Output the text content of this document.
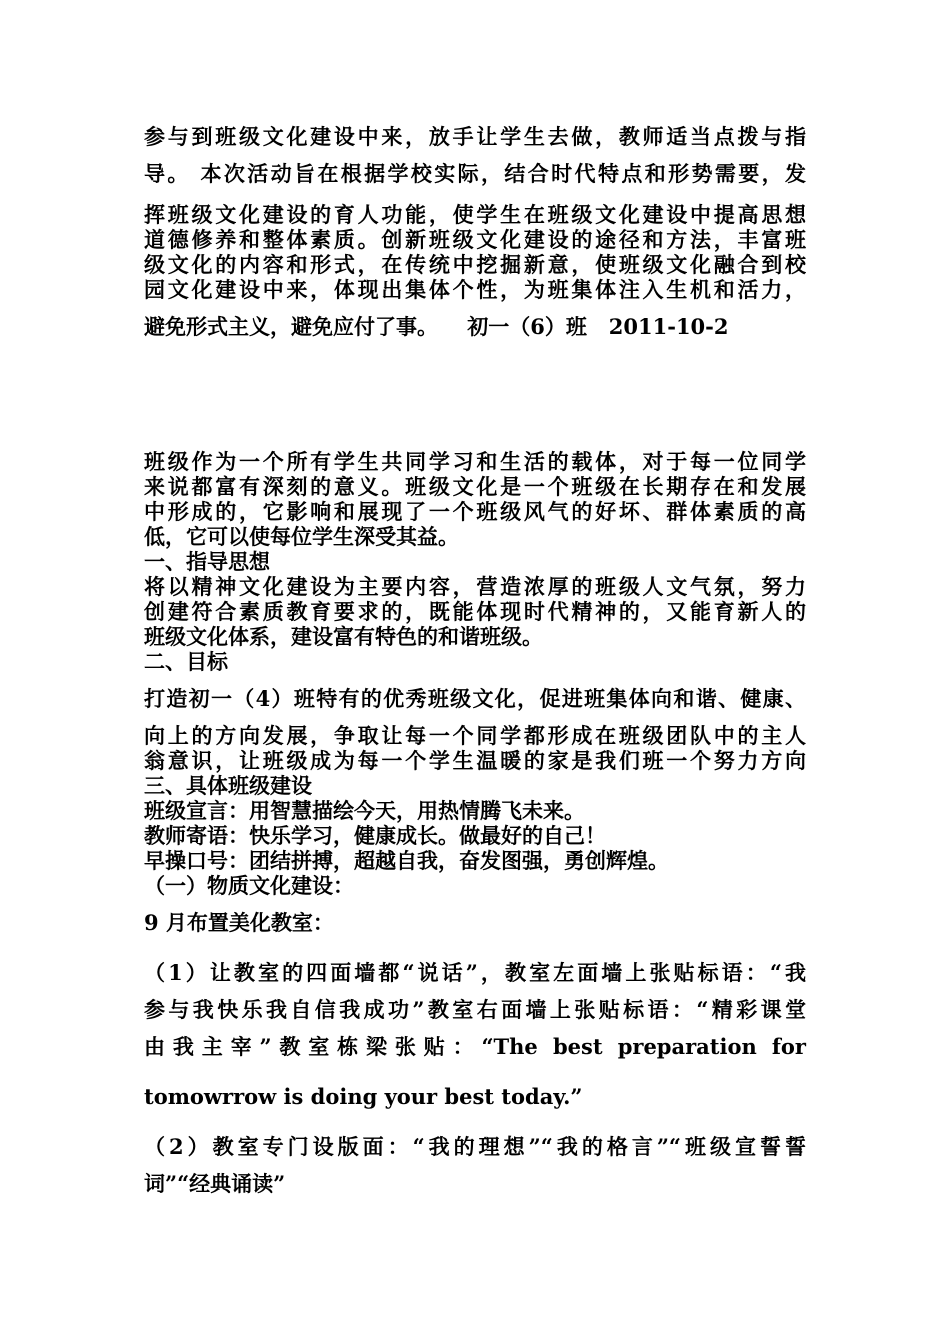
参与到班级文化建设中来，放手让学生去做，教师适当点拨与指
导。 本次活动旨在根据学校实际，结合时代特点和形势需要，发
挥班级文化建设的育人功能，使学生在班级文化建设中提高思想
道德修养和整体素质。创新班级文化建设的途径和方法，丰富班
级文化的内容和形式，在传统中挖掘新意，使班级文化融合到校
园文化建设中来，体现出集体个性，为班集体注入生机和活力，
避免形式主义，避免应付了事。    初一（6）班   2011-10-2
班级作为一个所有学生共同学习和生活的载体，对于每一位同学
来说都富有深刻的意义。班级文化是一个班级在长期存在和发展
中形成的，它影响和展现了一个班级风气的好坏、群体素质的高
低，它可以使每位学生深受其益。
一、指导思想
将以精神文化建设为主要内容，营造浓厚的班级人文气氛，努力
创建符合素质教育要求的，既能体现时代精神的，又能育新人的
班级文化体系，建设富有特色的和谐班级。
二、目标
打造初一（4）班特有的优秀班级文化，促进班集体向和谐、健康、
向上的方向发展，争取让每一个同学都形成在班级团队中的主人
翁意识，让班级成为每一个学生温暖的家是我们班一个努力方向
三、具体班级建设
班级宣言：用智慧描绘今天，用热情腾飞未来。
教师寄语：快乐学习，健康成长。做最好的自己！
早操口号：团结拼搏，超越自我，奋发图强，勇创辉煌。
（一）物质文化建设：
9 月布置美化教室：
（1）让教室的四面墙都“说话”，教室左面墙上张贴标语：“我
参与我快乐我自信我成功”教室右面墙上张贴标语：“精彩课堂
由我主宰”教室栋梁张贴：“The best preparation for
tomowrrow is doing your best today.”
（2）教室专门设版面：“我的理想”“我的格言”“班级宣誓誓
词”“经典诵读”
